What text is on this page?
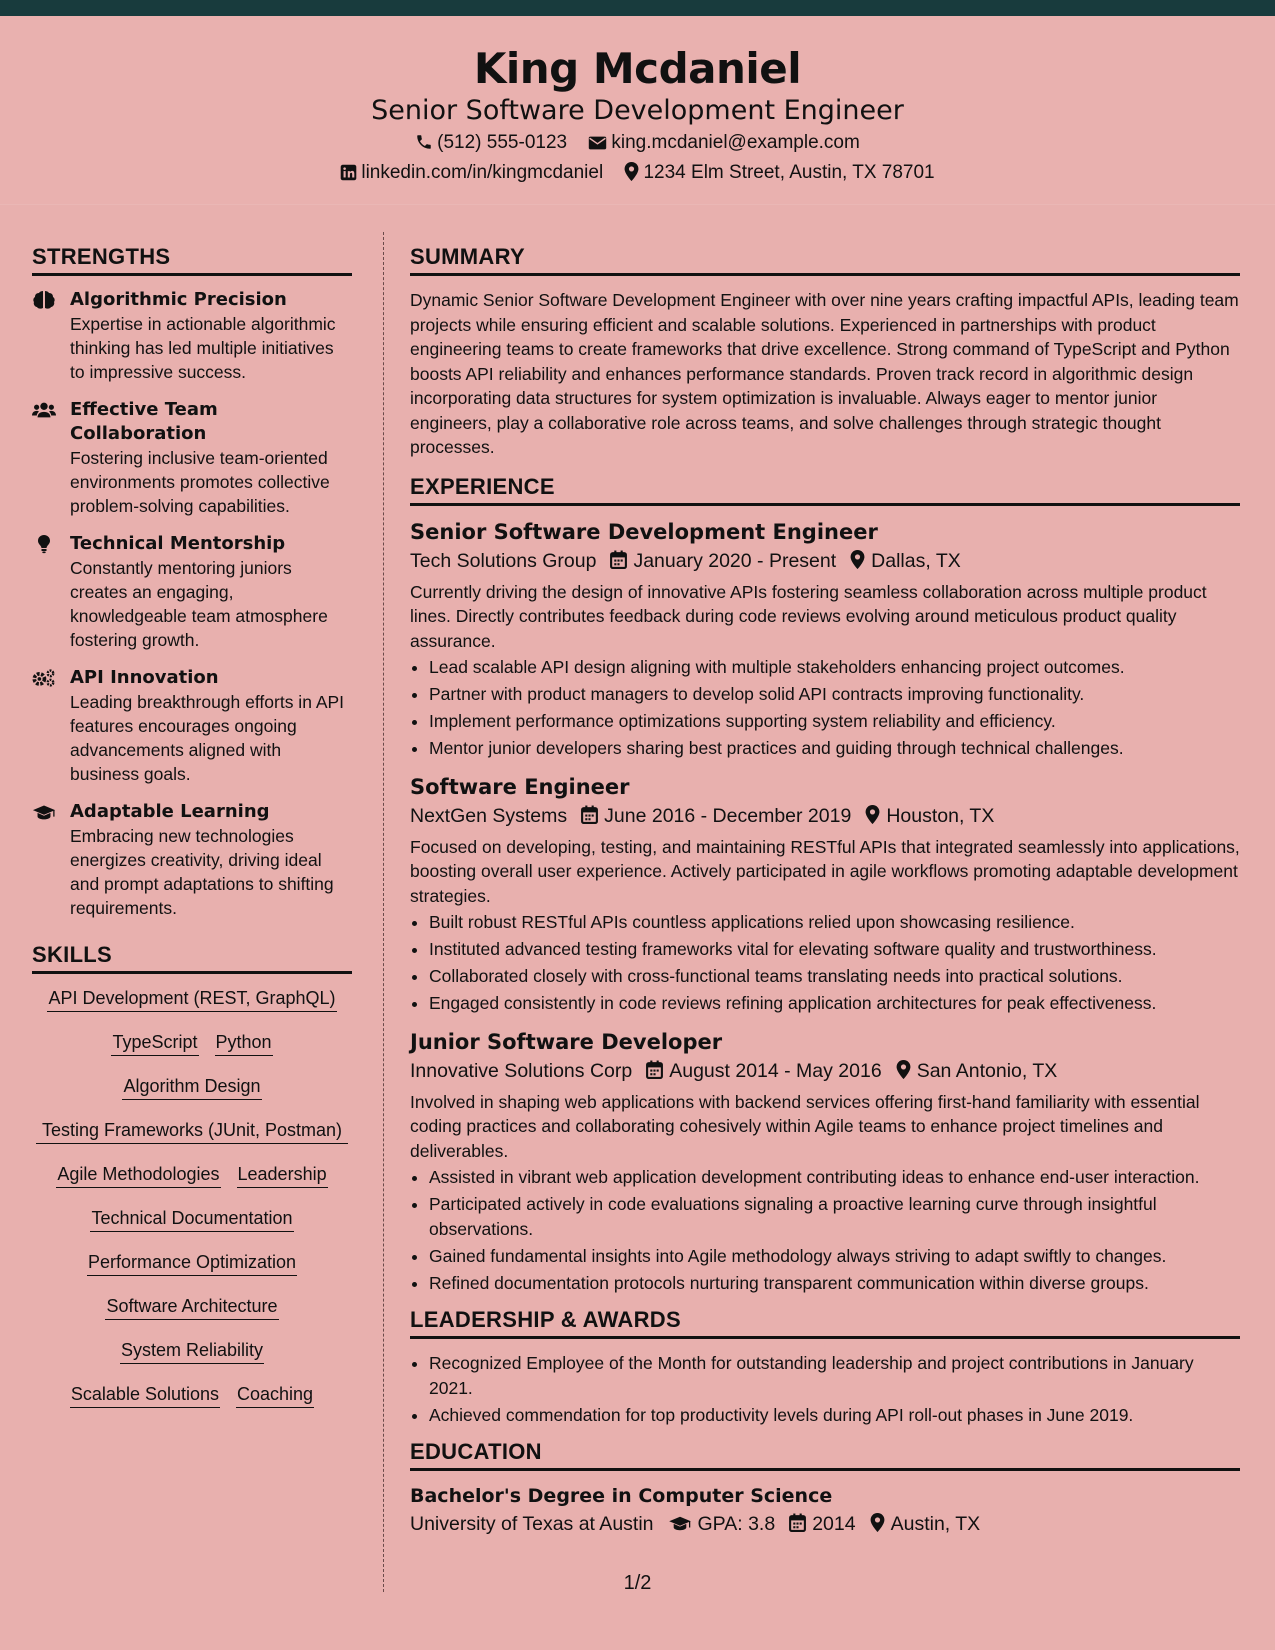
King Mcdaniel
Senior Software Development Engineer
(512) 555-0123 king.mcdaniel@example.com
linkedin.com/in/kingmcdaniel 1234 Elm Street, Austin, TX 78701
STRENGTHS
Algorithmic Precision
Expertise in actionable algorithmic thinking has led multiple initiatives to impressive success.
Effective Team Collaboration
Fostering inclusive team-oriented environments promotes collective problem-solving capabilities.
Technical Mentorship
Constantly mentoring juniors creates an engaging, knowledgeable team atmosphere fostering growth.
API Innovation
Leading breakthrough efforts in API features encourages ongoing advancements aligned with business goals.
Adaptable Learning
Embracing new technologies energizes creativity, driving ideal and prompt adaptations to shifting requirements.
SKILLS
API Development (REST, GraphQL)
TypeScript Python
Algorithm Design
Testing Frameworks (JUnit, Postman)
Agile Methodologies Leadership
Technical Documentation
Performance Optimization
Software Architecture
System Reliability
Scalable Solutions Coaching
SUMMARY
Dynamic Senior Software Development Engineer with over nine years crafting impactful APIs, leading team projects while ensuring efficient and scalable solutions. Experienced in partnerships with product engineering teams to create frameworks that drive excellence. Strong command of TypeScript and Python boosts API reliability and enhances performance standards. Proven track record in algorithmic design incorporating data structures for system optimization is invaluable. Always eager to mentor junior engineers, play a collaborative role across teams, and solve challenges through strategic thought processes.
EXPERIENCE
Senior Software Development Engineer
Tech Solutions Group January 2020 - Present Dallas, TX
Currently driving the design of innovative APIs fostering seamless collaboration across multiple product lines. Directly contributes feedback during code reviews evolving around meticulous product quality assurance.
• Lead scalable API design aligning with multiple stakeholders enhancing project outcomes.
• Partner with product managers to develop solid API contracts improving functionality.
• Implement performance optimizations supporting system reliability and efficiency.
• Mentor junior developers sharing best practices and guiding through technical challenges.
Software Engineer
NextGen Systems June 2016 - December 2019 Houston, TX
Focused on developing, testing, and maintaining RESTful APIs that integrated seamlessly into applications, boosting overall user experience. Actively participated in agile workflows promoting adaptable development strategies.
• Built robust RESTful APIs countless applications relied upon showcasing resilience.
• Instituted advanced testing frameworks vital for elevating software quality and trustworthiness.
• Collaborated closely with cross-functional teams translating needs into practical solutions.
• Engaged consistently in code reviews refining application architectures for peak effectiveness.
Junior Software Developer
Innovative Solutions Corp August 2014 - May 2016 San Antonio, TX
Involved in shaping web applications with backend services offering first-hand familiarity with essential coding practices and collaborating cohesively within Agile teams to enhance project timelines and deliverables.
• Assisted in vibrant web application development contributing ideas to enhance end-user interaction.
• Participated actively in code evaluations signaling a proactive learning curve through insightful observations.
• Gained fundamental insights into Agile methodology always striving to adapt swiftly to changes.
• Refined documentation protocols nurturing transparent communication within diverse groups.
LEADERSHIP & AWARDS
• Recognized Employee of the Month for outstanding leadership and project contributions in January 2021.
• Achieved commendation for top productivity levels during API roll-out phases in June 2019.
EDUCATION
Bachelor's Degree in Computer Science
University of Texas at Austin GPA: 3.8 2014 Austin, TX
1/2
